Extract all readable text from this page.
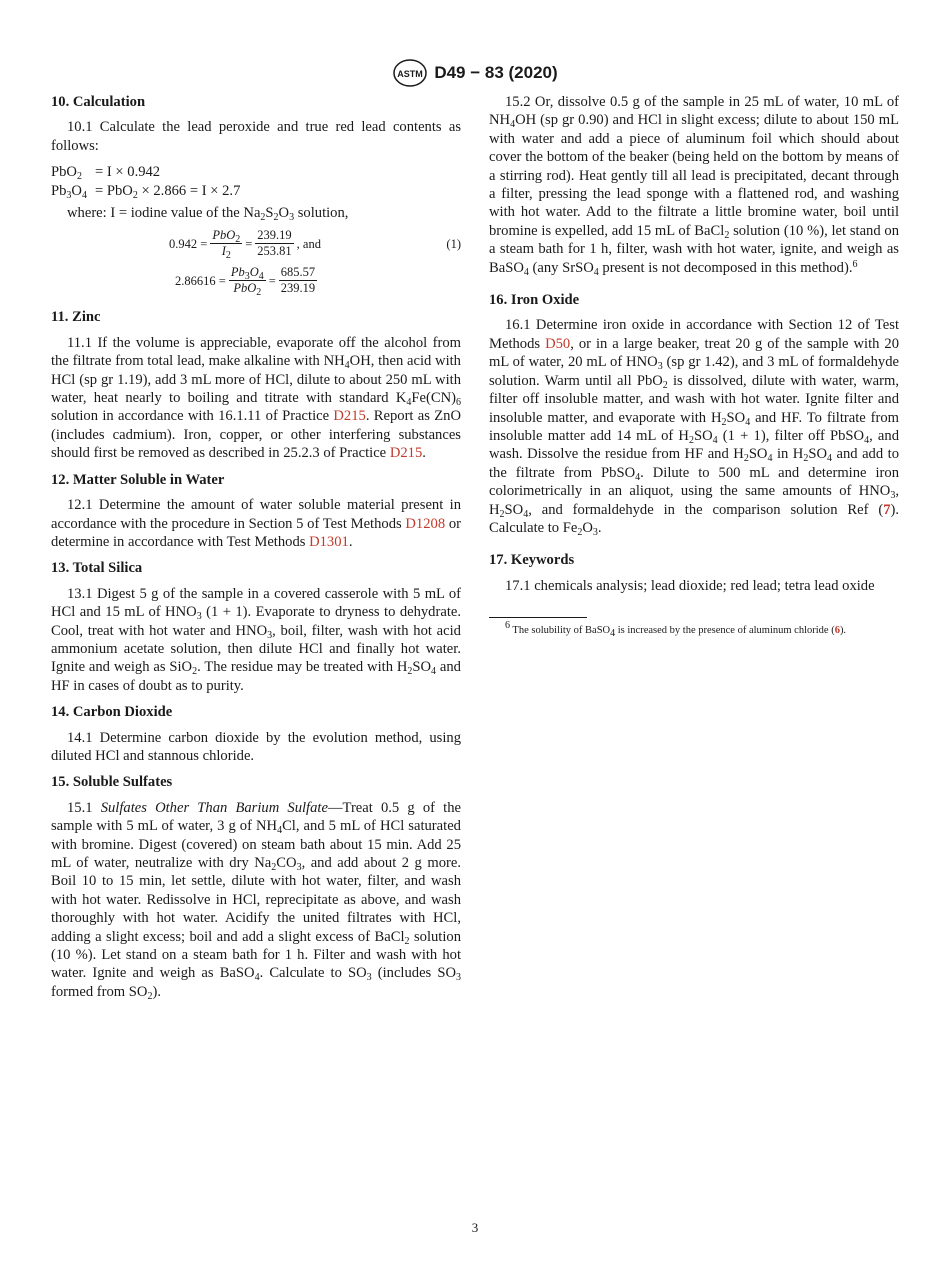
ASTM D49 − 83 (2020)
10. Calculation
10.1 Calculate the lead peroxide and true red lead contents as follows:
PbO$_2$ = I × 0.942
$Pb_3O_4 = PbO_2 \times 2.866 = I \times 2.7$
where: I = iodine value of the $Na_2S_2O_3$ solution,
$0.942 = \frac{PbO_2}{I_2} = \frac{239.19}{253.81}$ , and	(1)
$2.86616 = \frac{Pb_3O_4}{PbO_2} = \frac{685.57}{239.19}$
11. Zinc
11.1 If the volume is appreciable, evaporate off the alcohol from the filtrate from total lead, make alkaline with $NH_4OH$, then acid with HCl (sp gr 1.19), add 3 mL more of HCl, dilute to about 250 mL with water, heat nearly to boiling and titrate with standard $K_4Fe(CN)_6$ solution in accordance with 16.1.11 of Practice D215. Report as ZnO (includes cadmium). Iron, copper, or other interfering substances should first be removed as described in 25.2.3 of Practice D215.
12. Matter Soluble in Water
12.1 Determine the amount of water soluble material present in accordance with the procedure in Section 5 of Test Methods D1208 or determine in accordance with Test Methods D1301.
13. Total Silica
13.1 Digest 5 g of the sample in a covered casserole with 5 mL of HCl and 15 mL of $HNO_3$ (1 + 1). Evaporate to dryness to dehydrate. Cool, treat with hot water and $HNO_3$, boil, filter, wash with hot acid ammonium acetate solution, then dilute HCl and finally hot water. Ignite and weigh as SiO$_2$. The residue may be treated with $H_2SO_4$ and HF in cases of doubt as to purity.
14. Carbon Dioxide
14.1 Determine carbon dioxide by the evolution method, using diluted HCl and stannous chloride.
15. Soluble Sulfates
15.1 Sulfates Other Than Barium Sulfate—Treat 0.5 g of the sample with 5 mL of water, 3 g of $NH_4Cl$, and 5 mL of HCl saturated with bromine. Digest (covered) on steam bath about 15 min. Add 25 mL of water, neutralize with dry $Na_2CO_3$, and add about 2 g more. Boil 10 to 15 min, let settle, dilute with hot water, filter, and wash with hot water. Redissolve in HCl, reprecipitate as above, and wash thoroughly with hot water. Acidify the united filtrates with HCl, adding a slight excess; boil and add a slight excess of BaCl$_2$ solution (10 %). Let stand on a steam bath for 1 h. Filter and wash with hot water. Ignite and weigh as BaSO$_4$. Calculate to $SO_3$ (includes $SO_3$ formed from $SO_2$).
15.2 Or, dissolve 0.5 g of the sample in 25 mL of water, 10 mL of $NH_4OH$ (sp gr 0.90) and HCl in slight excess; dilute to about 150 mL with water and add a piece of aluminum foil which should about cover the bottom of the beaker (being held on the bottom by means of a stirring rod). Heat gently till all lead is precipitated, decant through a filter, pressing the lead sponge with a flattened rod, and washing with hot water. Add to the filtrate a little bromine water, boil until bromine is expelled, add 15 mL of BaCl$_2$ solution (10 %), let stand on a steam bath for 1 h, filter, wash with hot water, ignite, and weigh as BaSO$_4$ (any SrSO$_4$ present is not decomposed in this method).$^6$
16. Iron Oxide
16.1 Determine iron oxide in accordance with Section 12 of Test Methods D50, or in a large beaker, treat 20 g of the sample with 20 mL of water, 20 mL of $HNO_3$ (sp gr 1.42), and 3 mL of formaldehyde solution. Warm until all PbO$_2$ is dissolved, dilute with water, warm, filter off insoluble matter, and wash with hot water. Ignite filter and insoluble matter, and evaporate with $H_2SO_4$ and HF. To filtrate from insoluble matter add 14 mL of $H_2SO_4$ (1 + 1), filter off PbSO$_4$, and wash. Dissolve the residue from HF and $H_2SO_4$ in $H_2SO_4$ and add to the filtrate from PbSO$_4$. Dilute to 500 mL and determine iron colorimetrically in an aliquot, using the same amounts of $HNO_3$, $H_2SO_4$, and formaldehyde in the comparison solution Ref (7). Calculate to $Fe_2O_3$.
17. Keywords
17.1 chemicals analysis; lead dioxide; red lead; tetra lead oxide
$^6$ The solubility of BaSO$_4$ is increased by the presence of aluminum chloride (6).
3
